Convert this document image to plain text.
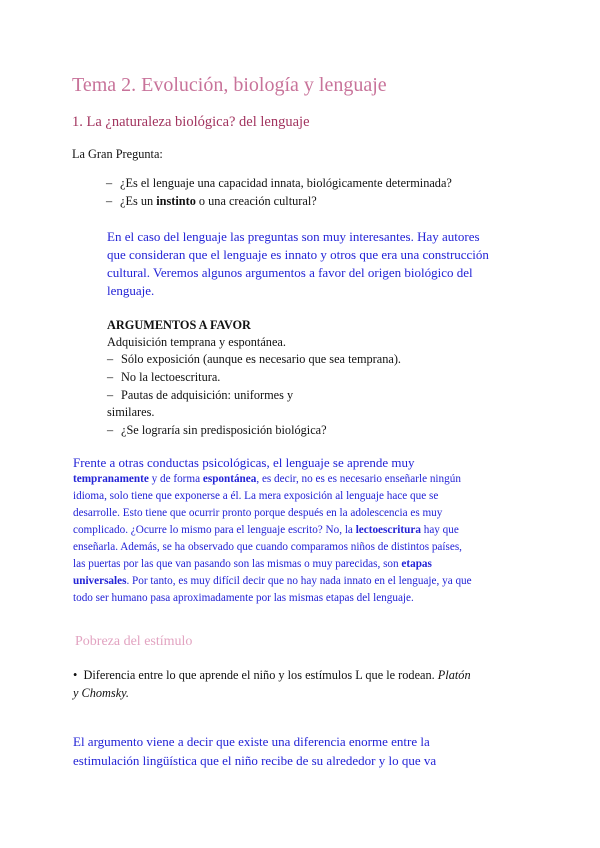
Tema 2. Evolución, biología y lenguaje
1. La ¿naturaleza biológica? del lenguaje
La Gran Pregunta:
– ¿Es el lenguaje una capacidad innata, biológicamente determinada?
– ¿Es un instinto o una creación cultural?
En el caso del lenguaje las preguntas son muy interesantes. Hay autores
que consideran que el lenguaje es innato y otros que era una construcción
cultural. Veremos algunos argumentos a favor del origen biológico del
lenguaje.
ARGUMENTOS A FAVOR
Adquisición temprana y espontánea.
– Sólo exposición (aunque es necesario que sea temprana).
– No la lectoescritura.
– Pautas de adquisición: uniformes y
similares.
– ¿Se lograría sin predisposición biológica?
Frente a otras conductas psicológicas, el lenguaje se aprende muy
tempranamente y de forma espontánea, es decir, no es es necesario enseñarle ningún
idioma, solo tiene que exponerse a él. La mera exposición al lenguaje hace que se
desarrolle. Esto tiene que ocurrir pronto porque después en la adolescencia es muy
complicado. ¿Ocurre lo mismo para el lenguaje escrito? No, la lectoescritura hay que
enseñarla. Además, se ha observado que cuando comparamos niños de distintos países,
las puertas por las que van pasando son las mismas o muy parecidas, son etapas
universales. Por tanto, es muy difícil decir que no hay nada innato en el lenguaje, ya que
todo ser humano pasa aproximadamente por las mismas etapas del lenguaje.
Pobreza del estímulo
• Diferencia entre lo que aprende el niño y los estímulos L que le rodean. Platón
y Chomsky.
El argumento viene a decir que existe una diferencia enorme entre la
estimulación lingüística que el niño recibe de su alrededor y lo que va
